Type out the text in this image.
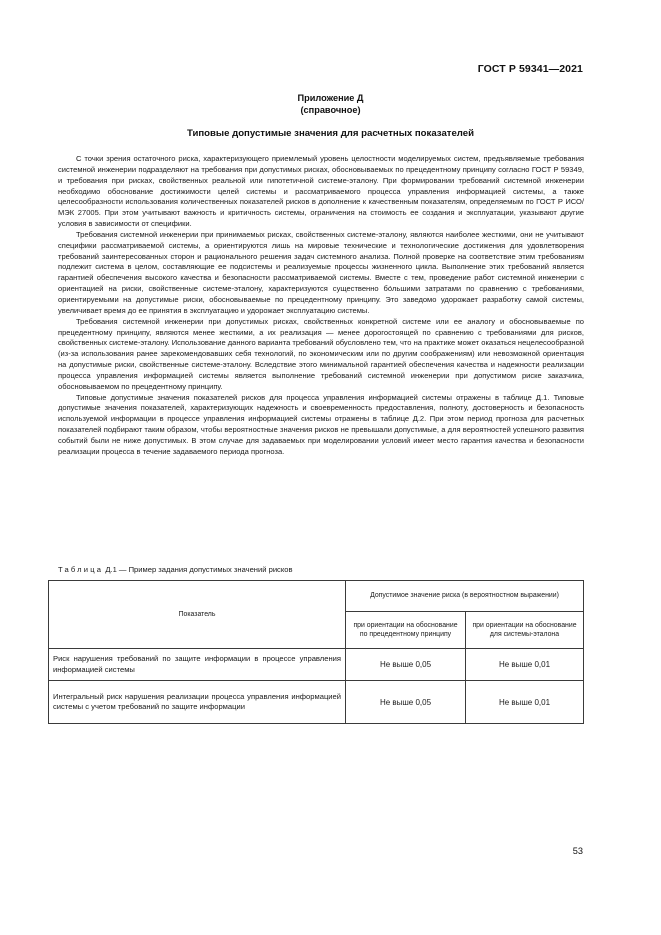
ГОСТ Р 59341—2021
Приложение Д
(справочное)
Типовые допустимые значения для расчетных показателей

С точки зрения остаточного риска, характеризующего приемлемый уровень целостности моделируемых систем, предъявляемые требования системной инженерии подразделяют на требования при допустимых рисках, обосновываемых по прецедентному принципу согласно ГОСТ Р 59349, и требования при рисках, свойственных реальной или гипотетичной системе-эталону. При формировании требований системной инженерии необходимо обоснование достижимости целей системы и рассматриваемого процесса управления информацией системы, а также целесообразности использования количественных показателей рисков в дополнение к качественным показателям, определяемым по ГОСТ Р ИСО/МЭК 27005. При этом учитывают важность и критичность системы, ограничения на стоимость ее создания и эксплуатации, указывают другие условия в зависимости от специфики.

Требования системной инженерии при принимаемых рисках, свойственных системе-эталону, являются наиболее жесткими, они не учитывают специфики рассматриваемой системы, а ориентируются лишь на мировые технические и технологические достижения для удовлетворения требований заинтересованных сторон и рационального решения задач системного анализа. Полной проверке на соответствие этим требованиям подлежит система в целом, составляющие ее подсистемы и реализуемые процессы жизненного цикла. Выполнение этих требований является гарантией обеспечения высокого качества и безопасности рассматриваемой системы. Вместе с тем, проведение работ системной инженерии с ориентацией на риски, свойственные системе-эталону, характеризуются существенно бо́льшими затратами по сравнению с требованиями, ориентируемыми на допустимые риски, обосновываемые по прецедентному принципу. Это заведомо удорожает разработку самой системы, увеличивает время до ее принятия в эксплуатацию и удорожает эксплуатацию системы.

Требования системной инженерии при допустимых рисках, свойственных конкретной системе или ее аналогу и обосновываемые по прецедентному принципу, являются менее жесткими, а их реализация — менее дорогостоящей по сравнению с требованиями для рисков, свойственных системе-эталону. Использование данного варианта требований обусловлено тем, что на практике может оказаться нецелесообразной (из-за использования ранее зарекомендовавших себя технологий, по экономическим или по другим соображениям) или невозможной ориентация на допустимые риски, свойственные системе-эталону. Вследствие этого минимальной гарантией обеспечения качества и надежности реализации процесса управления информацией системы является выполнение требований системной инженерии при допустимом риске заказчика, обосновываемом по прецедентному принципу.

Типовые допустимые значения показателей рисков для процесса управления информацией системы отражены в таблице Д.1. Типовые допустимые значения показателей, характеризующих надежность и своевременность предоставления, полноту, достоверность и безопасность используемой информации в процессе управления информацией системы отражены в таблице Д.2. При этом период прогноза для расчетных показателей подбирают таким образом, чтобы вероятностные значения рисков не превышали допустимые, а для вероятностей успешного развития событий были не ниже допустимых. В этом случае для задаваемых при моделировании условий имеет место гарантия качества и безопасности реализации процесса в течение задаваемого периода прогноза.

Таблица Д.1 — Пример задания допустимых значений рисков
Показатель	Допустимое значение риска (в вероятностном выражении)	
	при ориентации на обоснование по прецедентному принципу	при ориентации на обоснование для системы-эталона
Риск нарушения требований по защите информации в процессе управления информацией системы	Не выше 0,05	Не выше 0,01
Интегральный риск нарушения реализации процесса управления информацией системы с учетом требований по защите информации	Не выше 0,05	Не выше 0,01
53
